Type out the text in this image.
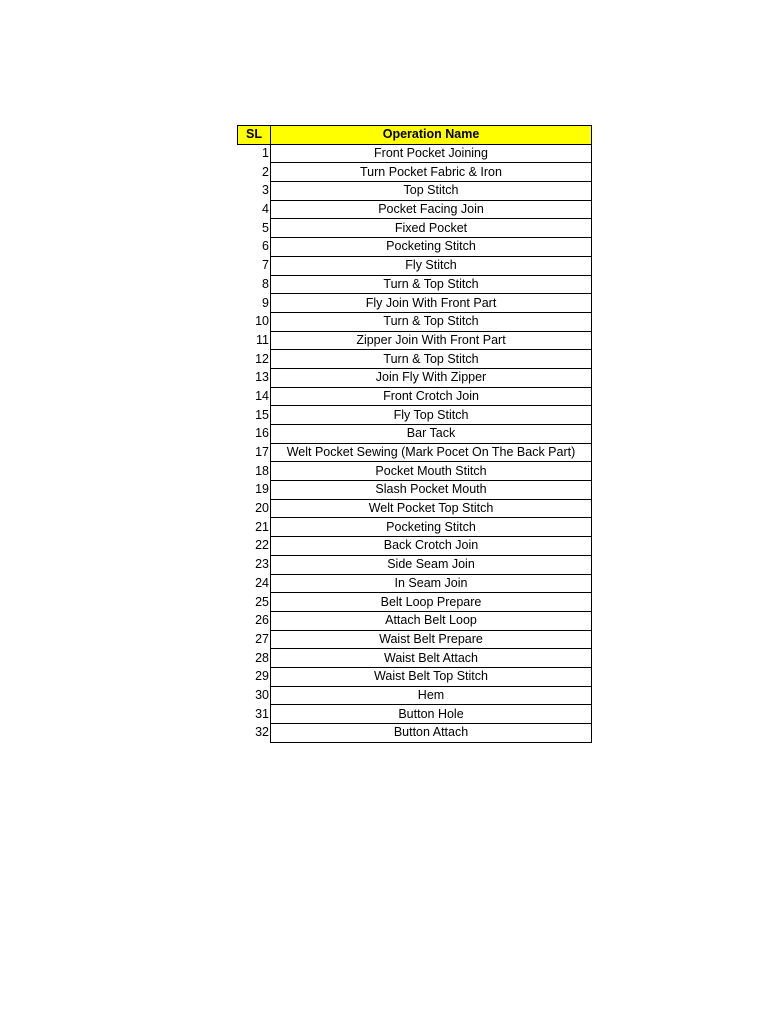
SL	Operation Name
1	Front Pocket Joining
2	Turn Pocket Fabric & Iron
3	Top Stitch
4	Pocket Facing Join
5	Fixed Pocket
6	Pocketing Stitch
7	Fly Stitch
8	Turn & Top Stitch
9	Fly Join With Front Part
10	Turn & Top Stitch
11	Zipper Join With Front Part
12	Turn & Top Stitch
13	Join Fly With Zipper
14	Front Crotch Join
15	Fly Top Stitch
16	Bar Tack
17	Welt Pocket Sewing (Mark Pocet On The Back Part)
18	Pocket Mouth Stitch
19	Slash Pocket Mouth
20	Welt Pocket Top Stitch
21	Pocketing Stitch
22	Back Crotch Join
23	Side Seam Join
24	In Seam Join
25	Belt Loop Prepare
26	Attach Belt Loop
27	Waist Belt Prepare
28	Waist Belt Attach
29	Waist Belt Top Stitch
30	Hem
31	Button Hole
32	Button Attach
